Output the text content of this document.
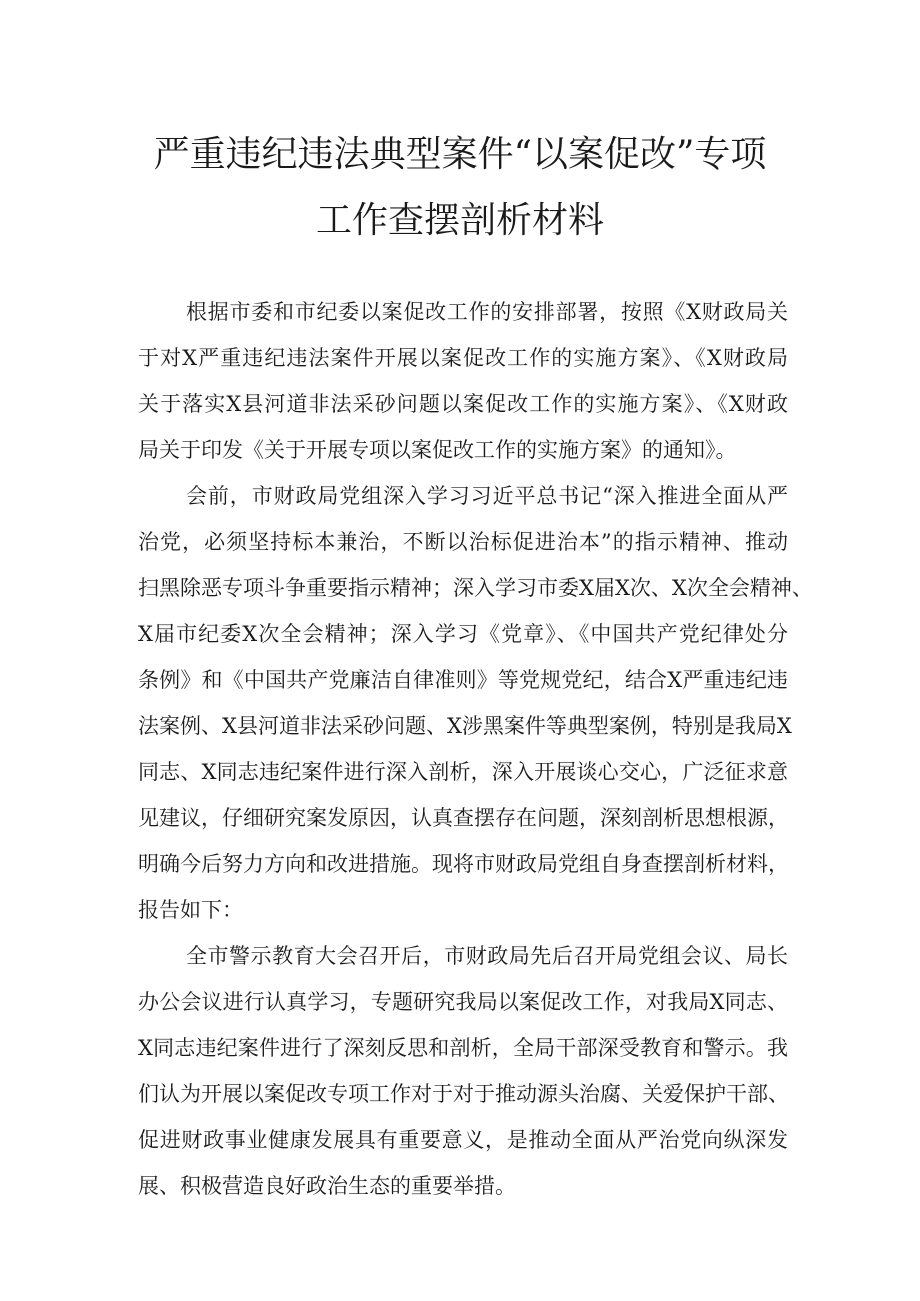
严重违纪违法典型案件“以案促改”专项
工作查摆剖析材料
根据市委和市纪委以案促改工作的安排部署，按照《X财政局关
于对X严重违纪违法案件开展以案促改工作的实施方案》、《X财政局
关于落实X县河道非法采砂问题以案促改工作的实施方案》、《X财政
局关于印发《关于开展专项以案促改工作的实施方案》的通知》。
会前，市财政局党组深入学习习近平总书记“深入推进全面从严
治党，必须坚持标本兼治，不断以治标促进治本”的指示精神、推动
扫黑除恶专项斗争重要指示精神；深入学习市委X届X次、X次全会精神、
X届市纪委X次全会精神；深入学习《党章》、《中国共产党纪律处分
条例》和《中国共产党廉洁自律准则》等党规党纪，结合X严重违纪违
法案例、X县河道非法采砂问题、X涉黑案件等典型案例，特别是我局X
同志、X同志违纪案件进行深入剖析，深入开展谈心交心，广泛征求意
见建议，仔细研究案发原因，认真查摆存在问题，深刻剖析思想根源，
明确今后努力方向和改进措施。现将市财政局党组自身查摆剖析材料，
报告如下：
全市警示教育大会召开后，市财政局先后召开局党组会议、局长
办公会议进行认真学习，专题研究我局以案促改工作，对我局X同志、
X同志违纪案件进行了深刻反思和剖析，全局干部深受教育和警示。我
们认为开展以案促改专项工作对于对于推动源头治腐、关爱保护干部、
促进财政事业健康发展具有重要意义，是推动全面从严治党向纵深发
展、积极营造良好政治生态的重要举措。
